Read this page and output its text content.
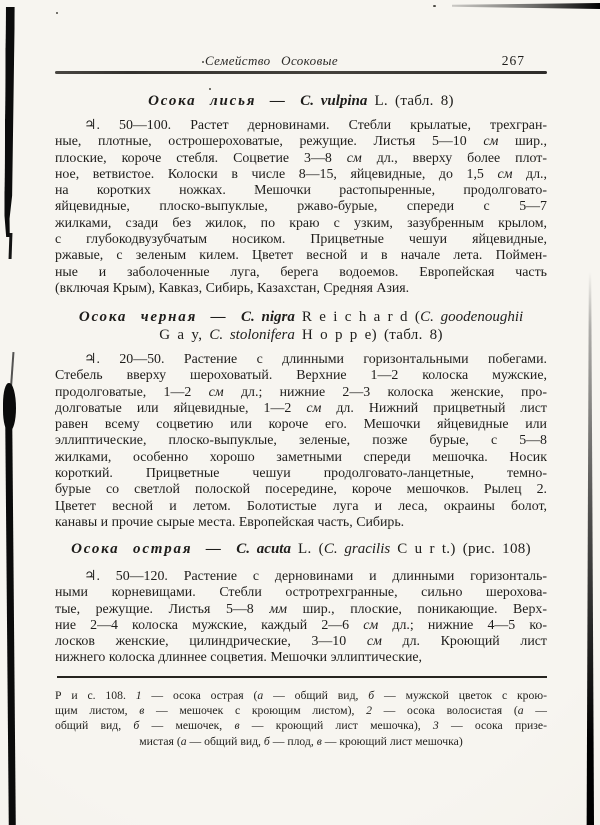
Семейство Осоковые	267
Осока лисья — C. vulpina L. (табл. 8)
♃. 50—100. Растет дерновинами. Стебли крылатые, трехгран-
ные, плотные, острошероховатые, режущие. Листья 5—10 см шир.,
плоские, короче стебля. Соцветие 3—8 см дл., вверху более плот-
ное, ветвистое. Колоски в числе 8—15, яйцевидные, до 1,5 см дл.,
на коротких ножках. Мешочки растопыренные, продолговато-
яйцевидные, плоско-выпуклые, ржаво-бурые, спереди с 5—7
жилками, сзади без жилок, по краю с узким, зазубренным крылом,
с глубокодвузубчатым носиком. Прицветные чешуи яйцевидные,
ржавые, с зеленым килем. Цветет весной и в начале лета. Поймен-
ные и заболоченные луга, берега водоемов. Европейская часть
(включая Крым), Кавказ, Сибирь, Казахстан, Средняя Азия.
Осока черная — C. nigra R e i c h a r d (C. goodenoughii
G a y, C. stolonifera H o p p e) (табл. 8)
♃. 20—50. Растение с длинными горизонтальными побегами.
Стебель вверху шероховатый. Верхние 1—2 колоска мужские,
продолговатые, 1—2 см дл.; нижние 2—3 колоска женские, про-
долговатые или яйцевидные, 1—2 см дл. Нижний прицветный лист
равен всему соцветию или короче его. Мешочки яйцевидные или
эллиптические, плоско-выпуклые, зеленые, позже бурые, с 5—8
жилками, особенно хорошо заметными спереди мешочка. Носик
короткий. Прицветные чешуи продолговато-ланцетные, темно-
бурые со светлой полоской посередине, короче мешочков. Рылец 2.
Цветет весной и летом. Болотистые луга и леса, окраины болот,
канавы и прочие сырые места. Европейская часть, Сибирь.
Осока острая — C. acuta L. (C. gracilis C u r t.) (рис. 108)
♃. 50—120. Растение с дерновинами и длинными горизонталь-
ными корневищами. Стебли остротрехгранные, сильно шерохова-
тые, режущие. Листья 5—8 мм шир., плоские, поникающие. Верх-
ние 2—4 колоска мужские, каждый 2—6 см дл.; нижние 4—5 ко-
лосков женские, цилиндрические, 3—10 см дл. Кроющий лист
нижнего колоска длиннее соцветия. Мешочки эллиптические,
Р и с. 108. 1 — осока острая (а — общий вид, б — мужской цветок с крою-
щим листом, в — мешочек с кроющим листом), 2 — осока волосистая (а —
общий вид, б — мешочек, в — кроющий лист мешочка), 3 — осока призе-
мистая (а — общий вид, б — плод, в — кроющий лист мешочка)
